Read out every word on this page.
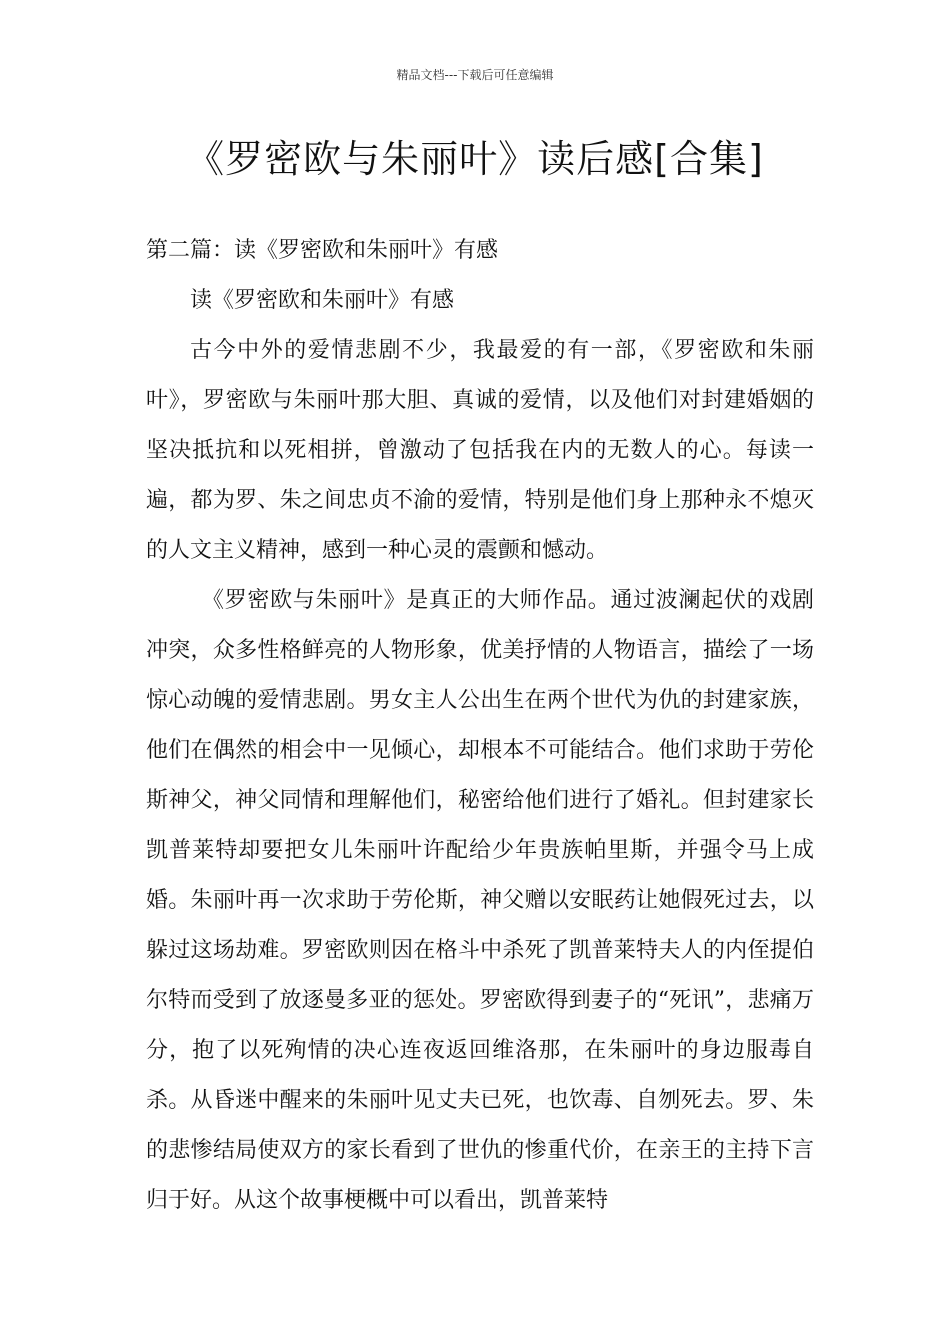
精品文档---下载后可任意编辑
《罗密欧与朱丽叶》读后感[合集]
第二篇：读《罗密欧和朱丽叶》有感
读《罗密欧和朱丽叶》有感

古今中外的爱情悲剧不少，我最爱的有一部，《罗密欧和朱丽叶》，罗密欧与朱丽叶那大胆、真诚的爱情，以及他们对封建婚姻的坚决抵抗和以死相拼，曾激动了包括我在内的无数人的心。每读一遍，都为罗、朱之间忠贞不渝的爱情，特别是他们身上那种永不熄灭的人文主义精神，感到一种心灵的震颤和憾动。

《罗密欧与朱丽叶》是真正的大师作品。通过波澜起伏的戏剧冲突，众多性格鲜亮的人物形象，优美抒情的人物语言，描绘了一场惊心动魄的爱情悲剧。男女主人公出生在两个世代为仇的封建家族，他们在偶然的相会中一见倾心，却根本不可能结合。他们求助于劳伦斯神父，神父同情和理解他们，秘密给他们进行了婚礼。但封建家长凯普莱特却要把女儿朱丽叶许配给少年贵族帕里斯，并强令马上成婚。朱丽叶再一次求助于劳伦斯，神父赠以安眠药让她假死过去，以躲过这场劫难。罗密欧则因在格斗中杀死了凯普莱特夫人的内侄提伯尔特而受到了放逐曼多亚的惩处。罗密欧得到妻子的“死讯”，悲痛万分，抱了以死殉情的决心连夜返回维洛那，在朱丽叶的身边服毒自杀。从昏迷中醒来的朱丽叶见丈夫已死，也饮毒、自刎死去。罗、朱的悲惨结局使双方的家长看到了世仇的惨重代价，在亲王的主持下言归于好。从这个故事梗概中可以看出，凯普莱特
